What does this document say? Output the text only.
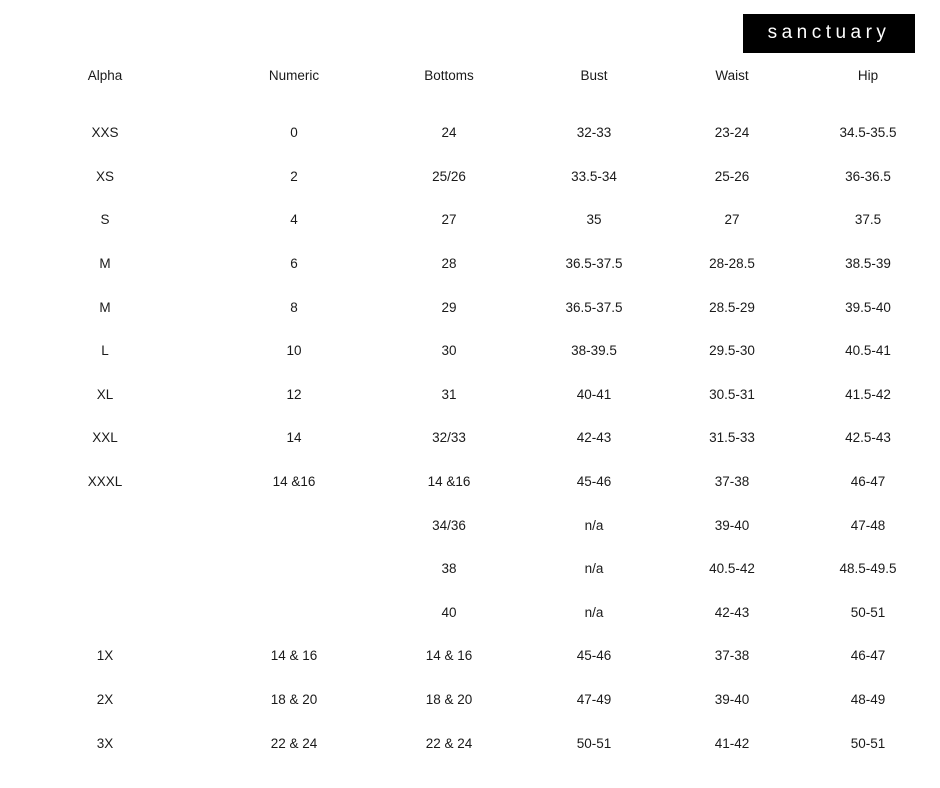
sanctuary
Alpha	Numeric	Bottoms	Bust	Waist	Hip
XXS	0	24	32-33	23-24	34.5-35.5
XS	2	25/26	33.5-34	25-26	36-36.5
S	4	27	35	27	37.5
M	6	28	36.5-37.5	28-28.5	38.5-39
M	8	29	36.5-37.5	28.5-29	39.5-40
L	10	30	38-39.5	29.5-30	40.5-41
XL	12	31	40-41	30.5-31	41.5-42
XXL	14	32/33	42-43	31.5-33	42.5-43
XXXL	14 &16	14 &16	45-46	37-38	46-47
		34/36	n/a	39-40	47-48
		38	n/a	40.5-42	48.5-49.5
		40	n/a	42-43	50-51
1X	14 & 16	14 & 16	45-46	37-38	46-47
2X	18 & 20	18 & 20	47-49	39-40	48-49
3X	22 & 24	22 & 24	50-51	41-42	50-51
